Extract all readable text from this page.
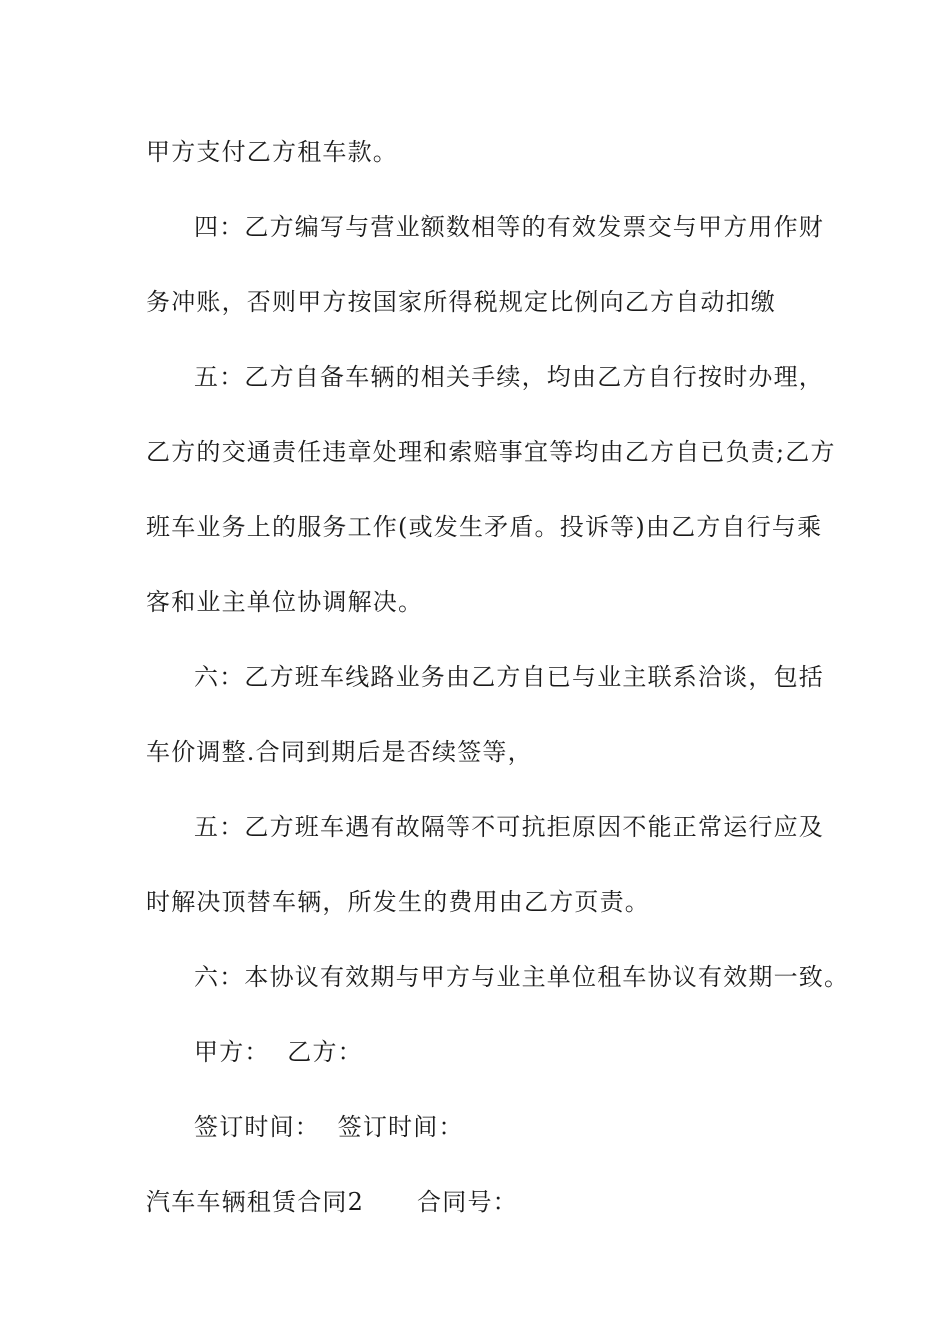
甲方支付乙方租车款。
四：乙方编写与营业额数相等的有效发票交与甲方用作财
务冲账，否则甲方按国家所得税规定比例向乙方自动扣缴
五：乙方自备车辆的相关手续，均由乙方自行按时办理，
乙方的交通责任违章处理和索赔事宜等均由乙方自已负责;乙方
班车业务上的服务工作(或发生矛盾。投诉等)由乙方自行与乘
客和业主单位协调解决。
六：乙方班车线路业务由乙方自已与业主联系洽谈，包括
车价调整.合同到期后是否续签等，
五：乙方班车遇有故隔等不可抗拒原因不能正常运行应及
时解决顶替车辆，所发生的费用由乙方页责。
六：本协议有效期与甲方与业主单位租车协议有效期一致。
甲方：  乙方：
签订时间：  签订时间：
汽车车辆租赁合同2      合同号：
